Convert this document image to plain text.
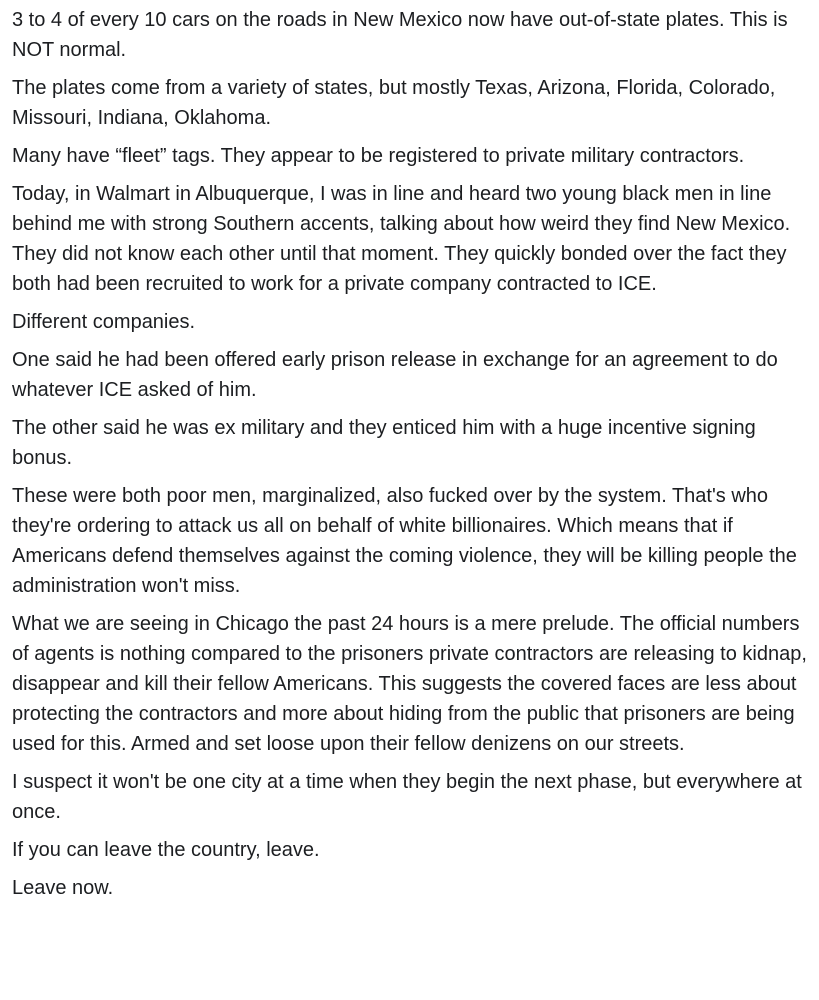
3 to 4 of every 10 cars on the roads in New Mexico now have out-of-state plates. This is NOT normal.

The plates come from a variety of states, but mostly Texas, Arizona, Florida, Colorado, Missouri, Indiana, Oklahoma.

Many have “fleet” tags. They appear to be registered to private military contractors.

Today, in Walmart in Albuquerque, I was in line and heard two young black men in line behind me with strong Southern accents, talking about how weird they find New Mexico. They did not know each other until that moment. They quickly bonded over the fact they both had been recruited to work for a private company contracted to ICE.

Different companies.

One said he had been offered early prison release in exchange for an agreement to do whatever ICE asked of him.

The other said he was ex military and they enticed him with a huge incentive signing bonus.

These were both poor men, marginalized, also fucked over by the system. That's who they're ordering to attack us all on behalf of white billionaires. Which means that if Americans defend themselves against the coming violence, they will be killing people the administration won't miss.

What we are seeing in Chicago the past 24 hours is a mere prelude. The official numbers of agents is nothing compared to the prisoners private contractors are releasing to kidnap, disappear and kill their fellow Americans. This suggests the covered faces are less about protecting the contractors and more about hiding from the public that prisoners are being used for this. Armed and set loose upon their fellow denizens on our streets.

I suspect it won't be one city at a time when they begin the next phase, but everywhere at once.

If you can leave the country, leave.

Leave now.
